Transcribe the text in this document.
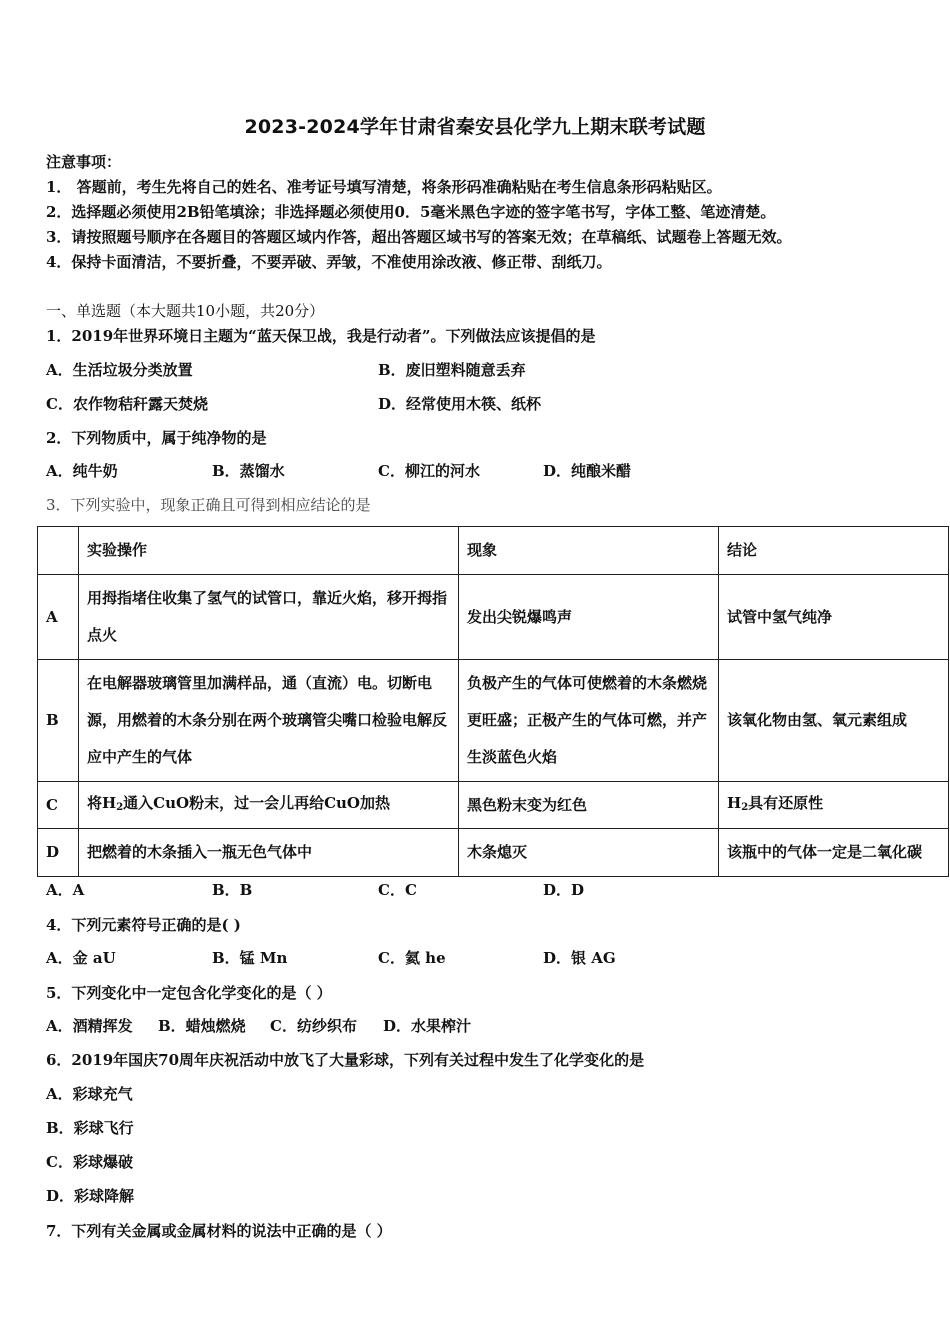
2023-2024学年甘肃省秦安县化学九上期末联考试题
注意事项：
1． 答题前，考生先将自己的姓名、准考证号填写清楚，将条形码准确粘贴在考生信息条形码粘贴区。
2．选择题必须使用2B铅笔填涂；非选择题必须使用0．5毫米黑色字迹的签字笔书写，字体工整、笔迹清楚。
3．请按照题号顺序在各题目的答题区域内作答，超出答题区域书写的答案无效；在草稿纸、试题卷上答题无效。
4．保持卡面清洁，不要折叠，不要弄破、弄皱，不准使用涂改液、修正带、刮纸刀。
一、单选题（本大题共10小题，共20分）
1．2019年世界环境日主题为“蓝天保卫战，我是行动者”。下列做法应该提倡的是
A．生活垃圾分类放置	B．废旧塑料随意丢弃
C．农作物秸秆露天焚烧	D．经常使用木筷、纸杯
2．下列物质中，属于纯净物的是
A．纯牛奶	B．蒸馏水	C．柳江的河水	D．纯酿米醋
3．下列实验中，现象正确且可得到相应结论的是
	实验操作	现象	结论
A	用拇指堵住收集了氢气的试管口，靠近火焰，移开拇指点火	发出尖锐爆鸣声	试管中氢气纯净
B	在电解器玻璃管里加满样品，通（直流）电。切断电源，用燃着的木条分别在两个玻璃管尖嘴口检验电解反应中产生的气体	负极产生的气体可使燃着的木条燃烧更旺盛；正极产生的气体可燃，并产生淡蓝色火焰	该氧化物由氢、氧元素组成
C	将$H_2$通入CuO粉末，过一会儿再给CuO加热	黑色粉末变为红色	$H_2$具有还原性
D	把燃着的木条插入一瓶无色气体中	木条熄灭	该瓶中的气体一定是二氧化碳
A．A	B．B	C．C	D．D
4．下列元素符号正确的是( )
A．金 aU	B．锰 Mn	C．氦 he	D．银 AG
5．下列变化中一定包含化学变化的是（ ）
A．酒精挥发 B．蜡烛燃烧 C．纺纱织布 D．水果榨汁
6．2019年国庆70周年庆祝活动中放飞了大量彩球，下列有关过程中发生了化学变化的是
A．彩球充气
B．彩球飞行
C．彩球爆破
D．彩球降解
7．下列有关金属或金属材料的说法中正确的是（ ）
